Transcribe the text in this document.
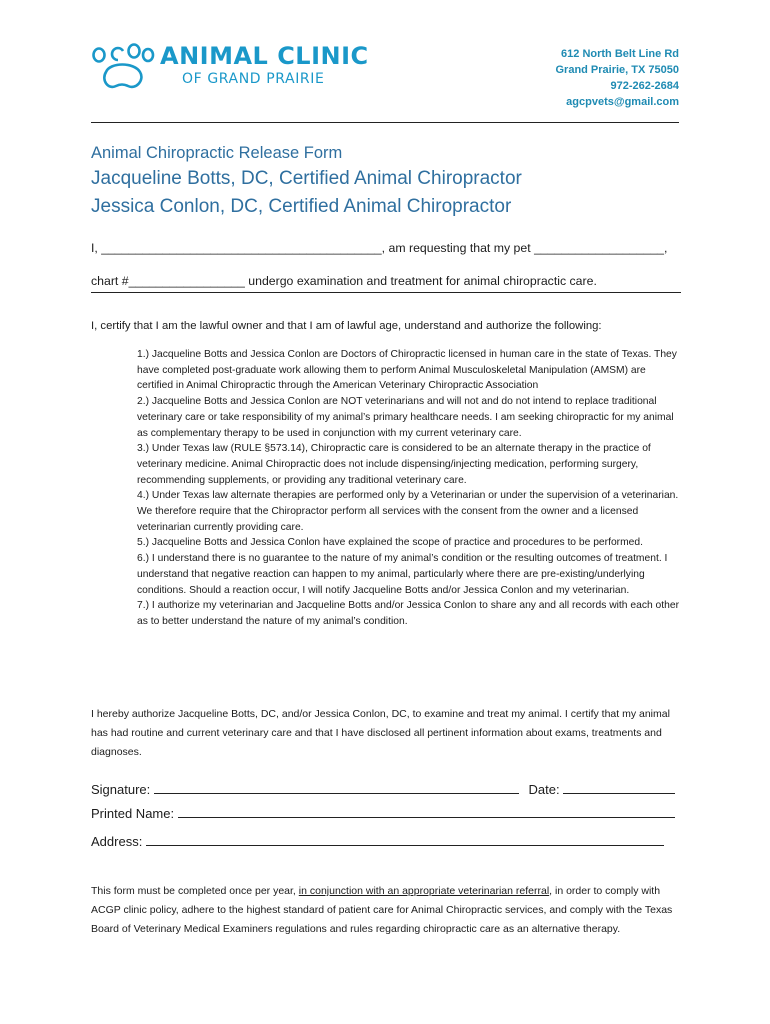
ANIMAL CLINIC
OF GRAND PRAIRIE
612 North Belt Line Rd
Grand Prairie, TX 75050
972-262-2684
agcpvets@gmail.com
Animal Chiropractic Release Form
Jacqueline Botts, DC, Certified Animal Chiropractor
Jessica Conlon, DC, Certified Animal Chiropractor
I, _________________________________________, am requesting that my pet ___________________,
chart #_________________ undergo examination and treatment for animal chiropractic care.
I, certify that I am the lawful owner and that I am of lawful age, understand and authorize the following:

1.) Jacqueline Botts and Jessica Conlon are Doctors of Chiropractic licensed in human care in the state of Texas. They have completed post-graduate work allowing them to perform Animal Musculoskeletal Manipulation (AMSM) are certified in Animal Chiropractic through the American Veterinary Chiropractic Association

2.) Jacqueline Botts and Jessica Conlon are NOT veterinarians and will not and do not intend to replace traditional veterinary care or take responsibility of my animal’s primary healthcare needs. I am seeking chiropractic for my animal as complementary therapy to be used in conjunction with my current veterinary care.

3.) Under Texas law (RULE §573.14), Chiropractic care is considered to be an alternate therapy in the practice of veterinary medicine. Animal Chiropractic does not include dispensing/injecting medication, performing surgery, recommending supplements, or providing any traditional veterinary care.

4.) Under Texas law alternate therapies are performed only by a Veterinarian or under the supervision of a veterinarian. We therefore require that the Chiropractor perform all services with the consent from the owner and a licensed veterinarian currently providing care.

5.) Jacqueline Botts and Jessica Conlon have explained the scope of practice and procedures to be performed.

6.) I understand there is no guarantee to the nature of my animal’s condition or the resulting outcomes of treatment. I understand that negative reaction can happen to my animal, particularly where there are pre-existing/underlying conditions. Should a reaction occur, I will notify Jacqueline Botts and/or Jessica Conlon and my veterinarian.

7.) I authorize my veterinarian and Jacqueline Botts and/or Jessica Conlon to share any and all records with each other as to better understand the nature of my animal’s condition.

I hereby authorize Jacqueline Botts, DC, and/or Jessica Conlon, DC, to examine and treat my animal. I certify that my animal has had routine and current veterinary care and that I have disclosed all pertinent information about exams, treatments and diagnoses.

Signature:	Date:
Printed Name:
Address:

This form must be completed once per year, in conjunction with an appropriate veterinarian referral, in order to comply with ACGP clinic policy, adhere to the highest standard of patient care for Animal Chiropractic services, and comply with the Texas Board of Veterinary Medical Examiners regulations and rules regarding chiropractic care as an alternative therapy.
